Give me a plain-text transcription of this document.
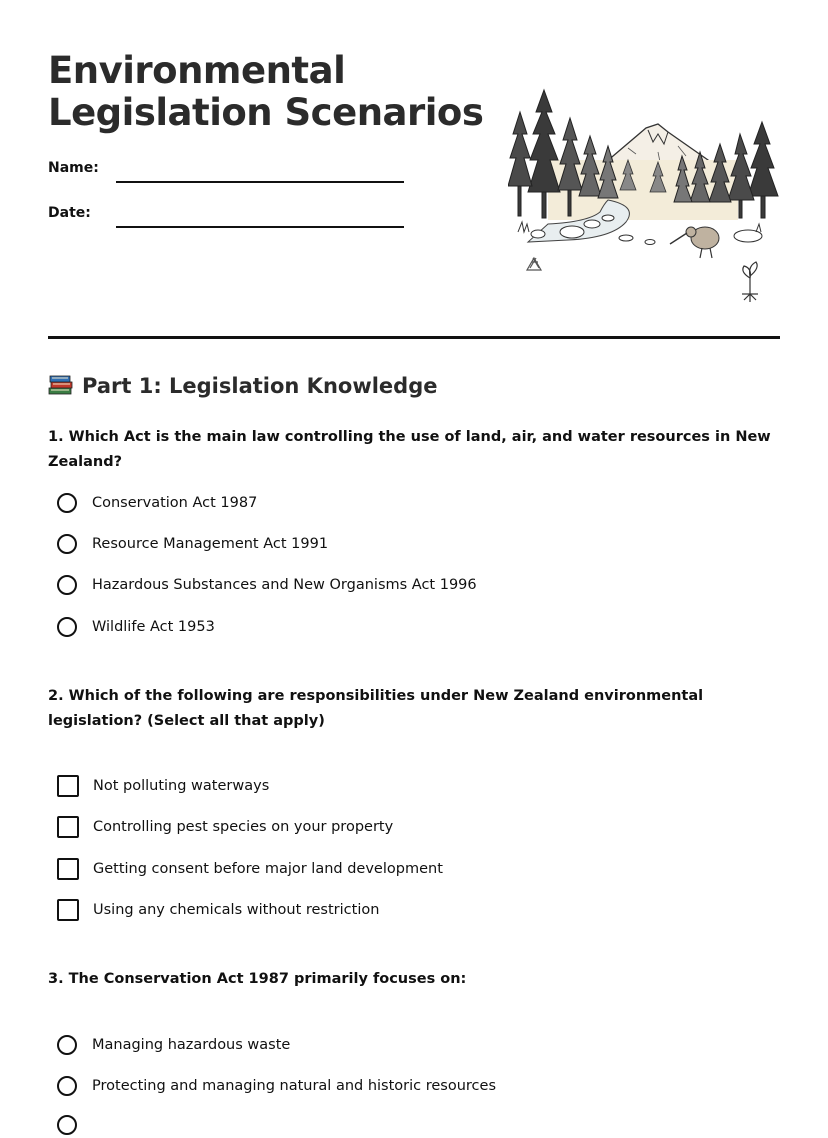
Environmental
Legislation Scenarios
Name:
Date:
Part 1: Legislation Knowledge

1. Which Act is the main law controlling the use of land, air, and water resources in New Zealand?

Conservation Act 1987
Resource Management Act 1991
Hazardous Substances and New Organisms Act 1996
Wildlife Act 1953

2. Which of the following are responsibilities under New Zealand environmental legislation? (Select all that apply)

Not polluting waterways
Controlling pest species on your property
Getting consent before major land development
Using any chemicals without restriction

3. The Conservation Act 1987 primarily focuses on:

Managing hazardous waste
Protecting and managing natural and historic resources
